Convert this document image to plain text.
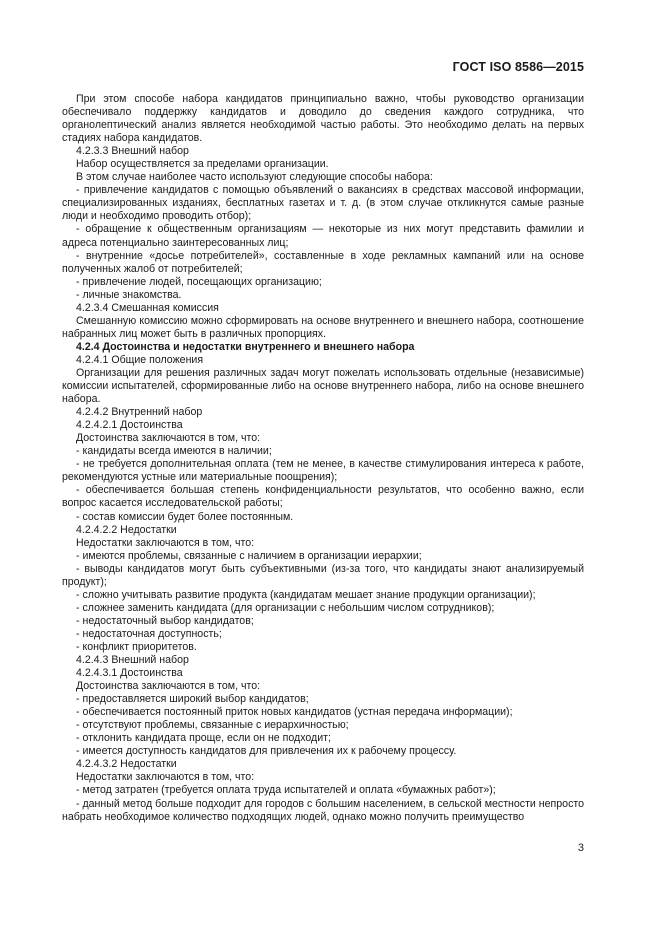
ГОСТ ISO 8586—2015

При этом способе набора кандидатов принципиально важно, чтобы руководство организации обеспечивало поддержку кандидатов и доводило до сведения каждого сотрудника, что органолептический анализ является необходимой частью работы. Это необходимо делать на первых стадиях набора кандидатов.

4.2.3.3 Внешний набор

Набор осуществляется за пределами организации.

В этом случае наиболее часто используют следующие способы набора:

- привлечение кандидатов с помощью объявлений о вакансиях в средствах массовой информации, специализированных изданиях, бесплатных газетах и т. д. (в этом случае откликнутся самые разные люди и необходимо проводить отбор);

- обращение к общественным организациям — некоторые из них могут представить фамилии и адреса потенциально заинтересованных лиц;

- внутренние «досье потребителей», составленные в ходе рекламных кампаний или на основе полученных жалоб от потребителей;

- привлечение людей, посещающих организацию;

- личные знакомства.

4.2.3.4 Смешанная комиссия

Смешанную комиссию можно сформировать на основе внутреннего и внешнего набора, соотношение набранных лиц может быть в различных пропорциях.

4.2.4 Достоинства и недостатки внутреннего и внешнего набора

4.2.4.1 Общие положения

Организации для решения различных задач могут пожелать использовать отдельные (независимые) комиссии испытателей, сформированные либо на основе внутреннего набора, либо на основе внешнего набора.

4.2.4.2 Внутренний набор

4.2.4.2.1 Достоинства

Достоинства заключаются в том, что:

- кандидаты всегда имеются в наличии;

- не требуется дополнительная оплата (тем не менее, в качестве стимулирования интереса к работе, рекомендуются устные или материальные поощрения);

- обеспечивается большая степень конфиденциальности результатов, что особенно важно, если вопрос касается исследовательской работы;

- состав комиссии будет более постоянным.

4.2.4.2.2 Недостатки

Недостатки заключаются в том, что:

- имеются проблемы, связанные с наличием в организации иерархии;

- выводы кандидатов могут быть субъективными (из-за того, что кандидаты знают анализируемый продукт);

- сложно учитывать развитие продукта (кандидатам мешает знание продукции организации);

- сложнее заменить кандидата (для организации с небольшим числом сотрудников);

- недостаточный выбор кандидатов;

- недостаточная доступность;

- конфликт приоритетов.

4.2.4.3 Внешний набор

4.2.4.3.1 Достоинства

Достоинства заключаются в том, что:

- предоставляется широкий выбор кандидатов;

- обеспечивается постоянный приток новых кандидатов (устная передача информации);

- отсутствуют проблемы, связанные с иерархичностью;

- отклонить кандидата проще, если он не подходит;

- имеется доступность кандидатов для привлечения их к рабочему процессу.

4.2.4.3.2 Недостатки

Недостатки заключаются в том, что:

- метод затратен (требуется оплата труда испытателей и оплата «бумажных работ»);

- данный метод больше подходит для городов с большим населением, в сельской местности непросто набрать необходимое количество подходящих людей, однако можно получить преимущество

3
